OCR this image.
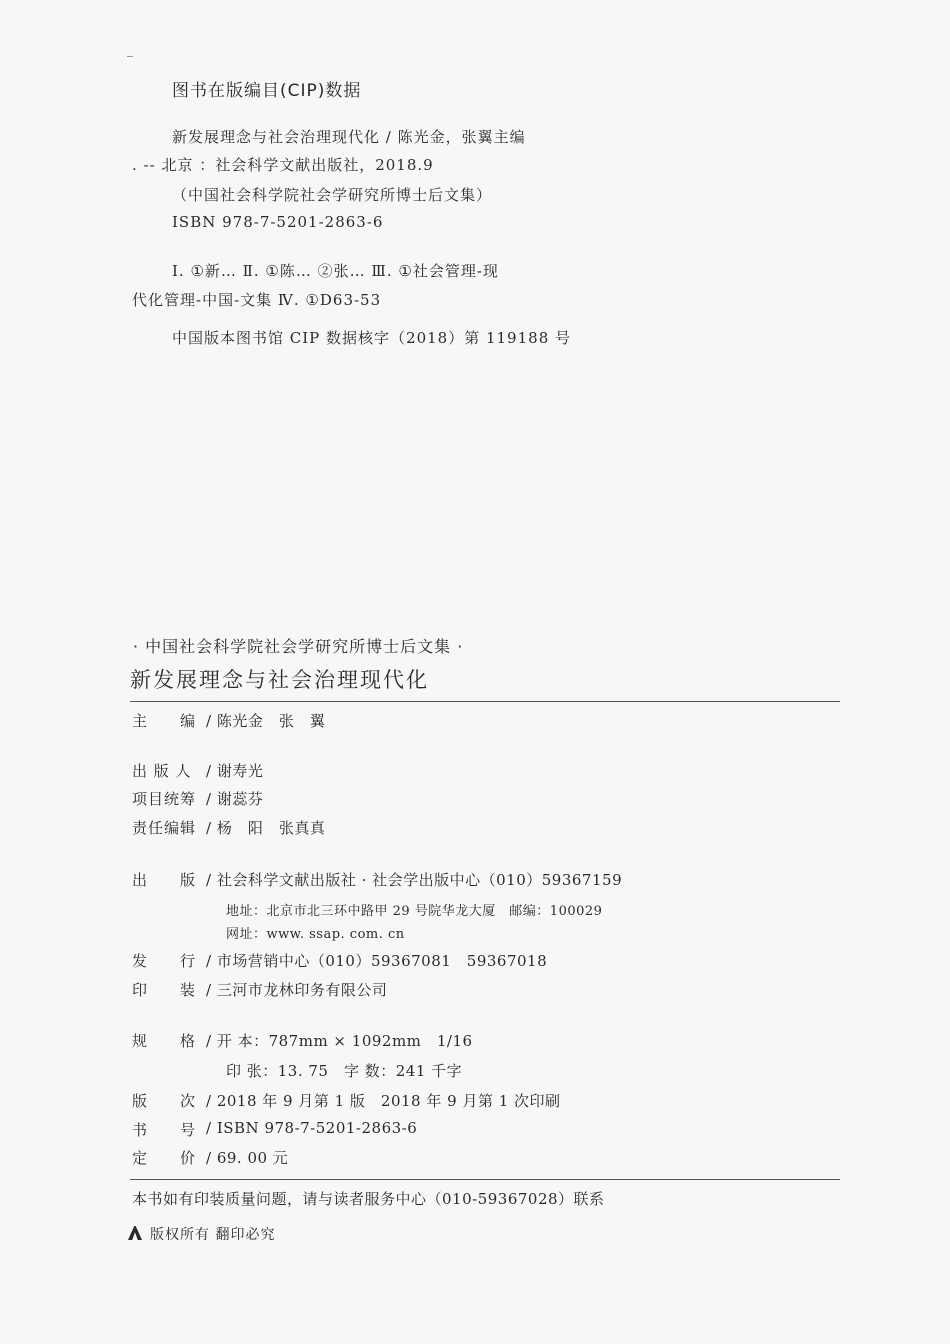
图书在版编目(CIP)数据
新发展理念与社会治理现代化 / 陈光金，张翼主编
. -- 北京 ：社会科学文献出版社，2018.9
（中国社会科学院社会学研究所博士后文集）
ISBN 978-7-5201-2863-6
Ⅰ. ①新… Ⅱ. ①陈… ②张… Ⅲ. ①社会管理-现
代化管理-中国-文集 Ⅳ. ①D63-53
中国版本图书馆 CIP 数据核字（2018）第 119188 号
· 中国社会科学院社会学研究所博士后文集 ·
新发展理念与社会治理现代化
主　　编 / 陈光金　张　翼
出 版 人 / 谢寿光
项目统筹 / 谢蕊芬
责任编辑 / 杨　阳　张真真
出　　版 / 社会科学文献出版社 · 社会学出版中心（010）59367159
地址：北京市北三环中路甲 29 号院华龙大厦　邮编：100029
网址：www. ssap. com. cn
发　　行 / 市场营销中心（010）59367081　59367018
印　　装 / 三河市龙林印务有限公司
规　　格 / 开 本：787mm × 1092mm　1/16
印 张：13. 75　字 数：241 千字
版　　次 / 2018 年 9 月第 1 版　2018 年 9 月第 1 次印刷
书　　号 / ISBN 978-7-5201-2863-6
定　　价 / 69. 00 元
本书如有印装质量问题，请与读者服务中心（010-59367028）联系
版权所有 翻印必究
